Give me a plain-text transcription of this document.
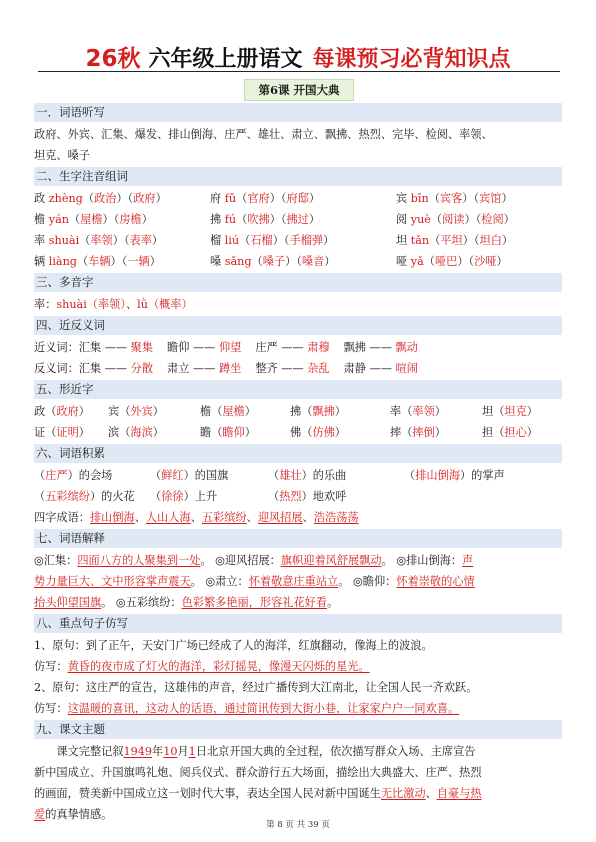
26秋 六年级上册语文 每课预习必背知识点
第6课 开国大典
一．词语听写
政府、外宾、汇集、爆发、排山倒海、庄严、雄壮、肃立、飘拂、热烈、完毕、检阅、率领、
坦克、嗓子
二、生字注音组词
政 zhèng（政治）（政府）	府 fǔ（官府）（府邸）	宾 bīn（宾客）（宾馆）
檐 yán（屋檐）（房檐）	拂 fú（吹拂）（拂过）	阅 yuè（阅读）（检阅）
率 shuài（率领）（表率）	榴 liú（石榴）（手榴弹）	坦 tǎn（平坦）（坦白）
辆 liàng（车辆）（一辆）	嗓 sǎng（嗓子）（嗓音）	哑 yǎ（哑巴）（沙哑）
三、多音字
率：shuài（率领）、lǜ（概率）
四、近反义词
近义词：汇集 —— 聚集 瞻仰 —— 仰望 庄严 —— 肃穆 飘拂 —— 飘动
反义词：汇集 —— 分散 肃立 —— 蹲坐 整齐 —— 杂乱 肃静 —— 喧闹
五、形近字
政（政府） 宾（外宾）	檐（屋檐）	拂（飘拂）	率（率领）	坦（坦克）
证（证明） 滨（海滨）	瞻（瞻仰）	佛（仿佛）	摔（摔倒）	担（担心）
六、词语积累
（庄严）的会场	（鲜红）的国旗	（雄壮）的乐曲	（排山倒海）的掌声
（五彩缤纷）的火花 （徐徐）上升	（热烈）地欢呼
四字成语：排山倒海、人山人海、五彩缤纷、迎风招展、浩浩荡荡
七、词语解释
◎汇集：四面八方的人聚集到一处。 ◎迎风招展：旗帜迎着风舒展飘动。 ◎排山倒海：声
势力量巨大、文中形容掌声震天。 ◎肃立：怀着敬意庄重站立。 ◎瞻仰：怀着崇敬的心情
抬头仰望国旗。 ◎五彩缤纷：色彩繁多艳丽，形容礼花好看。
八、重点句子仿写
1、原句：到了正午，天安门广场已经成了人的海洋，红旗翻动，像海上的波浪。
仿写：黄昏的夜市成了灯火的海洋，彩灯摇晃，像漫天闪烁的星光。
2、原句：这庄严的宣告，这雄伟的声音，经过广播传到大江南北，让全国人民一齐欢跃。
仿写：这温暖的喜讯，这动人的话语，通过简讯传到大街小巷，让家家户户一同欢喜。
九、课文主题
课文完整记叙1949年10月1日北京开国大典的全过程，依次描写群众入场、主席宣告
新中国成立、升国旗鸣礼炮、阅兵仪式、群众游行五大场面，描绘出大典盛大、庄严、热烈
的画面，赞美新中国成立这一划时代大事，表达全国人民对新中国诞生无比激动、自豪与热
爱的真挚情感。
第 8 页 共 39 页
